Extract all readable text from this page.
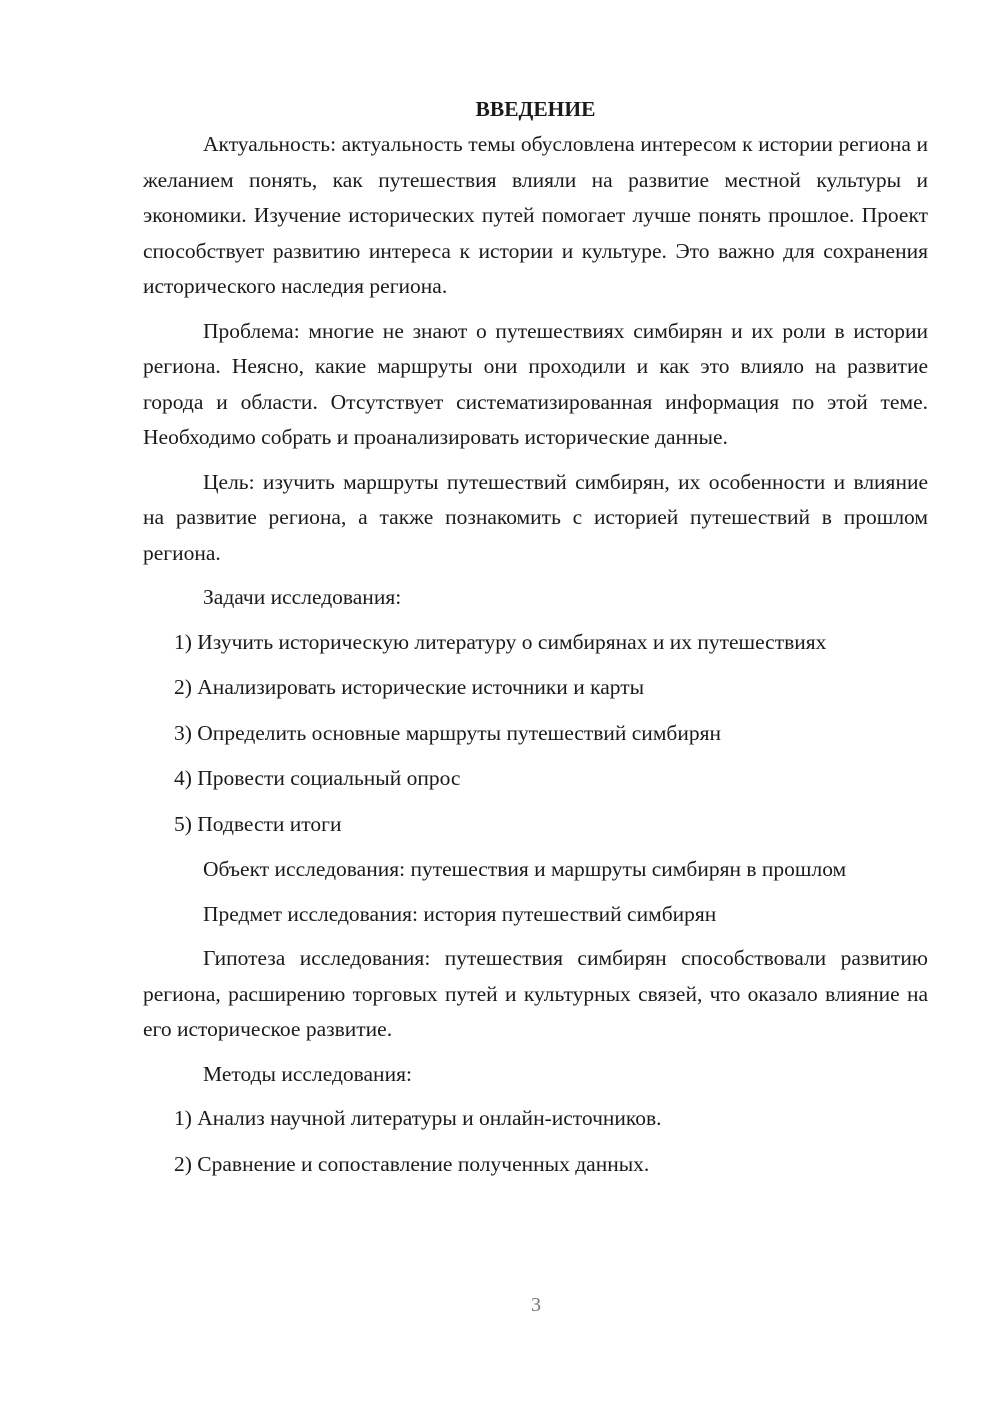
ВВЕДЕНИЕ

Актуальность: актуальность темы обусловлена интересом к истории региона и желанием понять, как путешествия влияли на развитие местной культуры и экономики. Изучение исторических путей помогает лучше понять прошлое. Проект способствует развитию интереса к истории и культуре. Это важно для сохранения исторического наследия региона.

Проблема: многие не знают о путешествиях симбирян и их роли в истории региона. Неясно, какие маршруты они проходили и как это влияло на развитие города и области. Отсутствует систематизированная информация по этой теме. Необходимо собрать и проанализировать исторические данные.

Цель: изучить маршруты путешествий симбирян, их особенности и влияние на развитие региона, а также познакомить с историей путешествий в прошлом региона.

Задачи исследования:

1) Изучить историческую литературу о симбирянах и их путешествиях
2) Анализировать исторические источники и карты
3) Определить основные маршруты путешествий симбирян
4) Провести социальный опрос
5) Подвести итоги

Объект исследования: путешествия и маршруты симбирян в прошлом

Предмет исследования: история путешествий симбирян

Гипотеза исследования: путешествия симбирян способствовали развитию региона, расширению торговых путей и культурных связей, что оказало влияние на его историческое развитие.

Методы исследования:

1) Анализ научной литературы и онлайн-источников.
2) Сравнение и сопоставление полученных данных.
3
